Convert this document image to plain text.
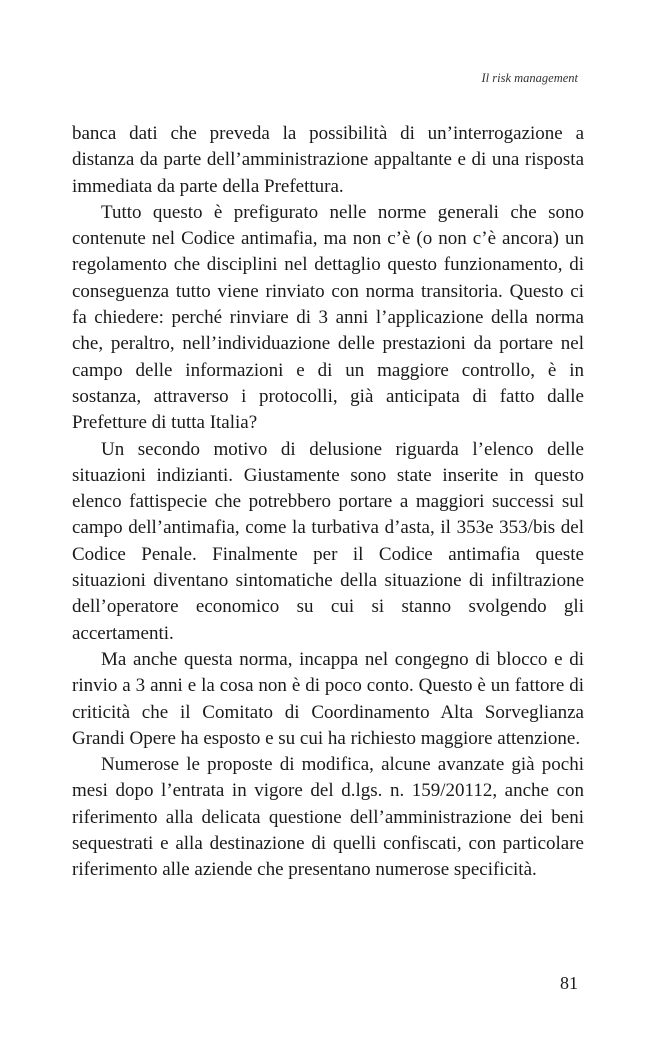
Il risk management

banca dati che preveda la possibilità di un’interrogazione a distanza da parte dell’amministrazione appaltante e di una risposta immediata da parte della Prefettura.

Tutto questo è prefigurato nelle norme generali che sono contenute nel Codice antimafia, ma non c’è (o non c’è ancora) un regolamento che disciplini nel dettaglio questo funzionamento, di conseguenza tutto viene rinviato con norma transitoria. Questo ci fa chiedere: perché rinviare di 3 anni l’applicazione della norma che, peraltro, nell’individuazione delle prestazioni da portare nel campo delle informazioni e di un maggiore controllo, è in sostanza, attraverso i protocolli, già anticipata di fatto dalle Prefetture di tutta Italia?

Un secondo motivo di delusione riguarda l’elenco delle situazioni indizianti. Giustamente sono state inserite in questo elenco fattispecie che potrebbero portare a maggiori successi sul campo dell’antimafia, come la turbativa d’asta, il 353e 353/bis del Codice Penale. Finalmente per il Codice antimafia queste situazioni diventano sintomatiche della situazione di infiltrazione dell’operatore economico su cui si stanno svolgendo gli accertamenti.

Ma anche questa norma, incappa nel congegno di blocco e di rinvio a 3 anni e la cosa non è di poco conto. Questo è un fattore di criticità che il Comitato di Coordinamento Alta Sorveglianza Grandi Opere ha esposto e su cui ha richiesto maggiore attenzione.

Numerose le proposte di modifica, alcune avanzate già pochi mesi dopo l’entrata in vigore del d.lgs. n. 159/20112, anche con riferimento alla delicata questione dell’amministrazione dei beni sequestrati e alla destinazione di quelli confiscati, con particolare riferimento alle aziende che presentano numerose specificità.

81
